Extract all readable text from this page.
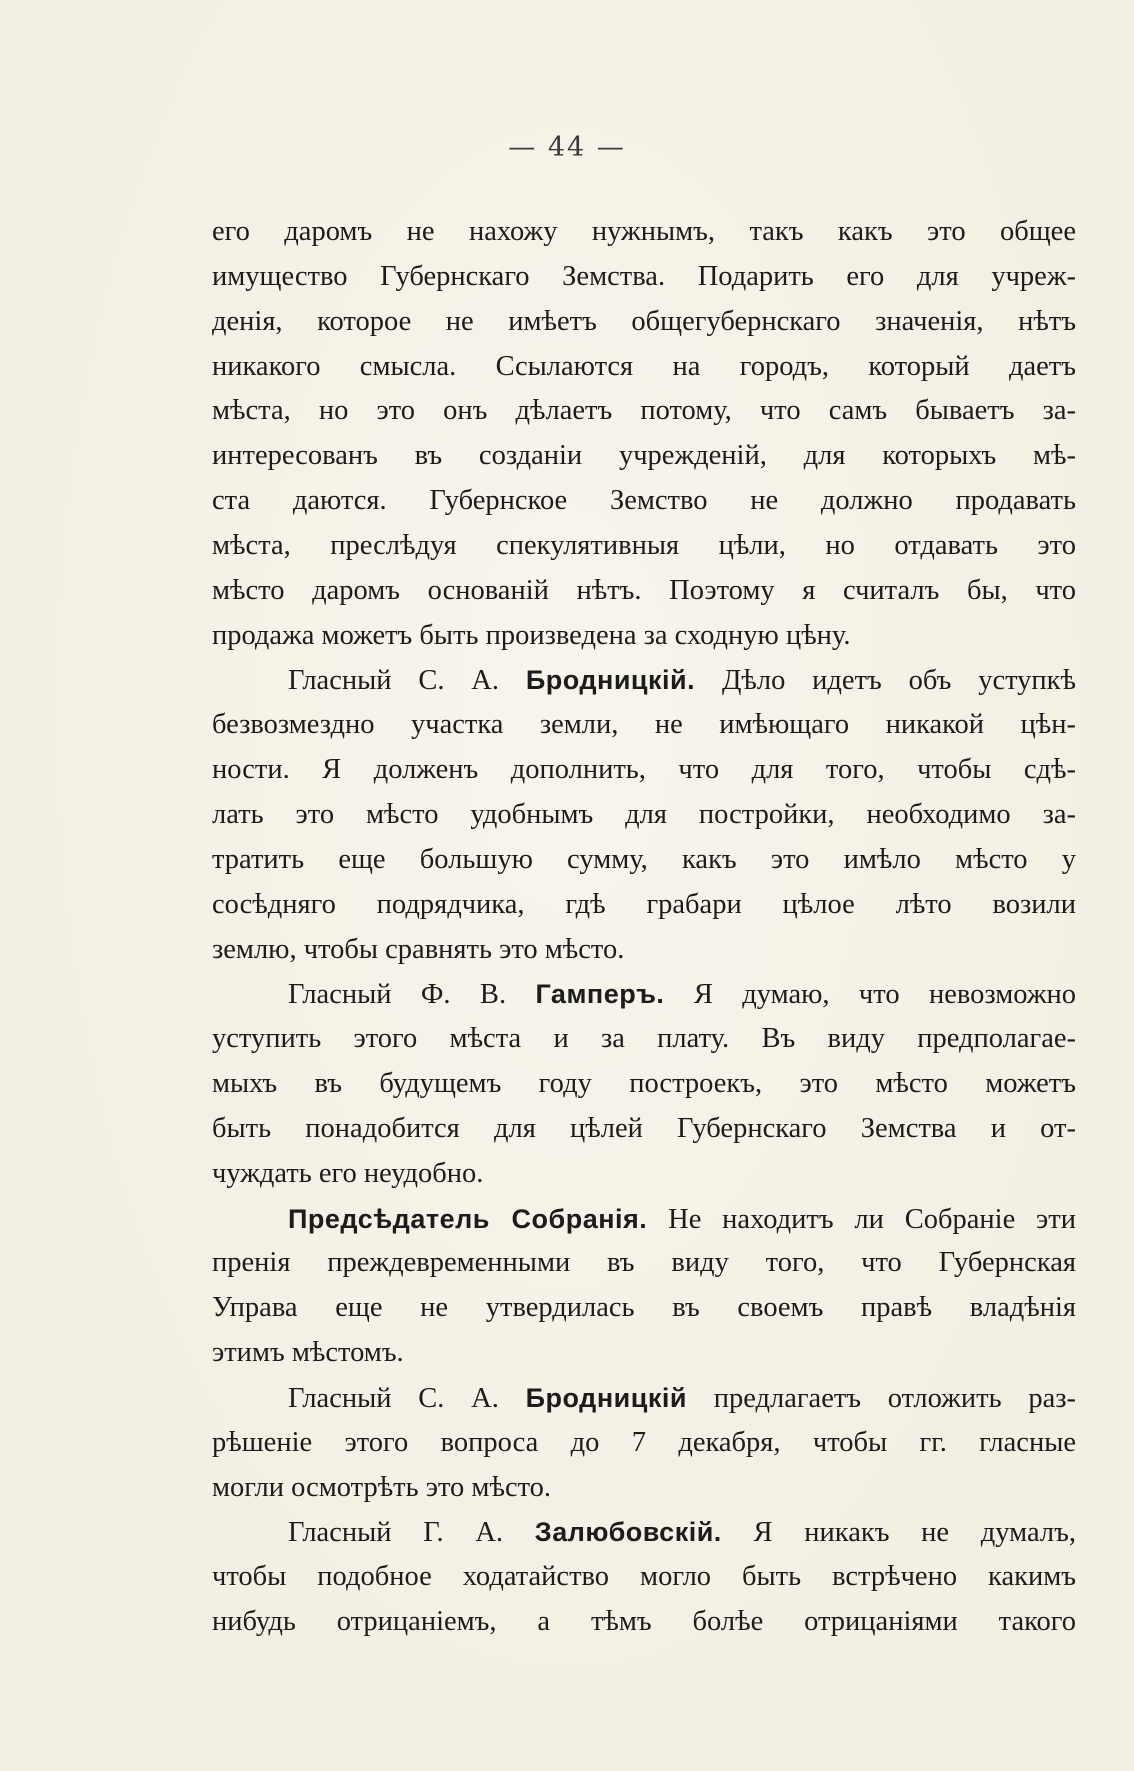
— 44 —
его даромъ не нахожу нужнымъ, такъ какъ это общее
имущество Губернскаго Земства. Подарить его для учреж-
денія, которое не имѣетъ общегубернскаго значенія, нѣтъ
никакого смысла. Ссылаются на городъ, который даетъ
мѣста, но это онъ дѣлаетъ потому, что самъ бываетъ за-
интересованъ въ созданіи учрежденій, для которыхъ мѣ-
ста даются. Губернское Земство не должно продавать
мѣста, преслѣдуя спекулятивныя цѣли, но отдавать это
мѣсто даромъ основаній нѣтъ. Поэтому я считалъ бы, что
продажа можетъ быть произведена за сходную цѣну.
Гласный С. А. Бродницкій. Дѣло идетъ объ уступкѣ
безвозмездно участка земли, не имѣющаго никакой цѣн-
ности. Я долженъ дополнить, что для того, чтобы сдѣ-
лать это мѣсто удобнымъ для постройки, необходимо за-
тратить еще большую сумму, какъ это имѣло мѣсто у
сосѣдняго подрядчика, гдѣ грабари цѣлое лѣто возили
землю, чтобы сравнять это мѣсто.
Гласный Ф. В. Гамперъ. Я думаю, что невозможно
уступить этого мѣста и за плату. Въ виду предполагае-
мыхъ въ будущемъ году построекъ, это мѣсто можетъ
быть понадобится для цѣлей Губернскаго Земства и от-
чуждать его неудобно.
Предсѣдатель Собранія. Не находитъ ли Собраніе эти
пренія преждевременными въ виду того, что Губернская
Управа еще не утвердилась въ своемъ правѣ владѣнія
этимъ мѣстомъ.
Гласный С. А. Бродницкій предлагаетъ отложить раз-
рѣшеніе этого вопроса до 7 декабря, чтобы гг. гласные
могли осмотрѣть это мѣсто.
Гласный Г. А. Залюбовскій. Я никакъ не думалъ,
чтобы подобное ходатайство могло быть встрѣчено какимъ
нибудь отрицаніемъ, а тѣмъ болѣе отрицаніями такого
